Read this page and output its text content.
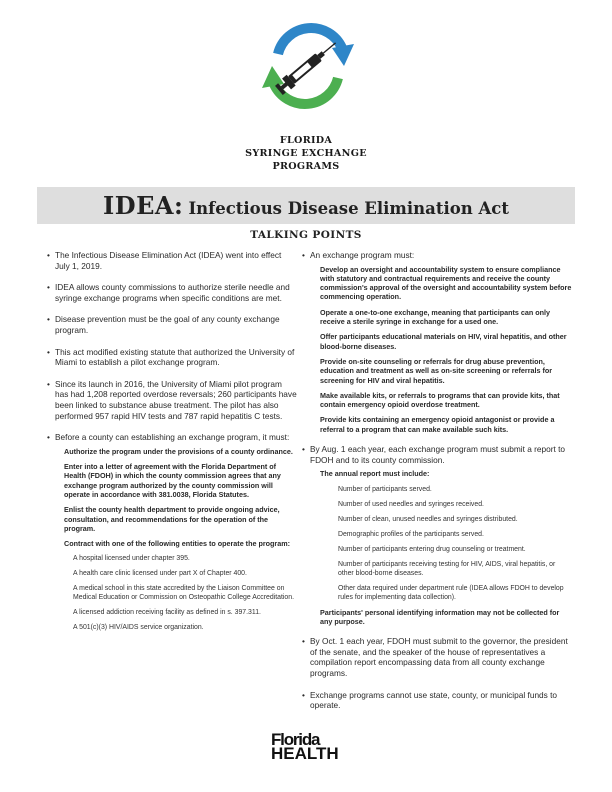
FLORIDA
SYRINGE EXCHANGE
PROGRAMS
IDEA: Infectious Disease Elimination Act
TALKING POINTS
• The Infectious Disease Elimination Act (IDEA) went into effect July 1, 2019.
• IDEA allows county commissions to authorize sterile needle and syringe exchange programs when specific conditions are met.
• Disease prevention must be the goal of any county exchange program.
• This act modified existing statute that authorized the University of Miami to establish a pilot exchange program.
• Since its launch in 2016, the University of Miami pilot program has had 1,208 reported overdose reversals; 260 participants have been linked to substance abuse treatment. The pilot has also performed 957 rapid HIV tests and 787 rapid hepatitis C tests.
• Before a county can establishing an exchange program, it must:
Authorize the program under the provisions of a county ordinance.
Enter into a letter of agreement with the Florida Department of Health (FDOH) in which the county commission agrees that any exchange program authorized by the county commission will operate in accordance with 381.0038, Florida Statutes.
Enlist the county health department to provide ongoing advice, consultation, and recommendations for the operation of the program.
Contract with one of the following entities to operate the program:
A hospital licensed under chapter 395.
A health care clinic licensed under part X of Chapter 400.
A medical school in this state accredited by the Liaison Committee on Medical Education or Commission on Osteopathic College Accreditation.
A licensed addiction receiving facility as defined in s. 397.311.
A 501(c)(3) HIV/AIDS service organization.
• An exchange program must:
Develop an oversight and accountability system to ensure compliance with statutory and contractual requirements and receive the county commission's approval of the oversight and accountability system before commencing operation.
Operate a one-to-one exchange, meaning that participants can only receive a sterile syringe in exchange for a used one.
Offer participants educational materials on HIV, viral hepatitis, and other blood-borne diseases.
Provide on-site counseling or referrals for drug abuse prevention, education and treatment as well as on-site screening or referrals for screening for HIV and viral hepatitis.
Make available kits, or referrals to programs that can provide kits, that contain emergency opioid overdose treatment.
Provide kits containing an emergency opioid antagonist or provide a referral to a program that can make available such kits.
• By Aug. 1 each year, each exchange program must submit a report to FDOH and to its county commission.
The annual report must include:
Number of participants served.
Number of used needles and syringes received.
Number of clean, unused needles and syringes distributed.
Demographic profiles of the participants served.
Number of participants entering drug counseling or treatment.
Number of participants receiving testing for HIV, AIDS, viral hepatitis, or other blood-borne diseases.
Other data required under department rule (IDEA allows FDOH to develop rules for implementing data collection).
Participants' personal identifying information may not be collected for any purpose.
• By Oct. 1 each year, FDOH must submit to the governor, the president of the senate, and the speaker of the house of representatives a compilation report encompassing data from all county exchange programs.
• Exchange programs cannot use state, county, or municipal funds to operate.
Florida
HEALTH
